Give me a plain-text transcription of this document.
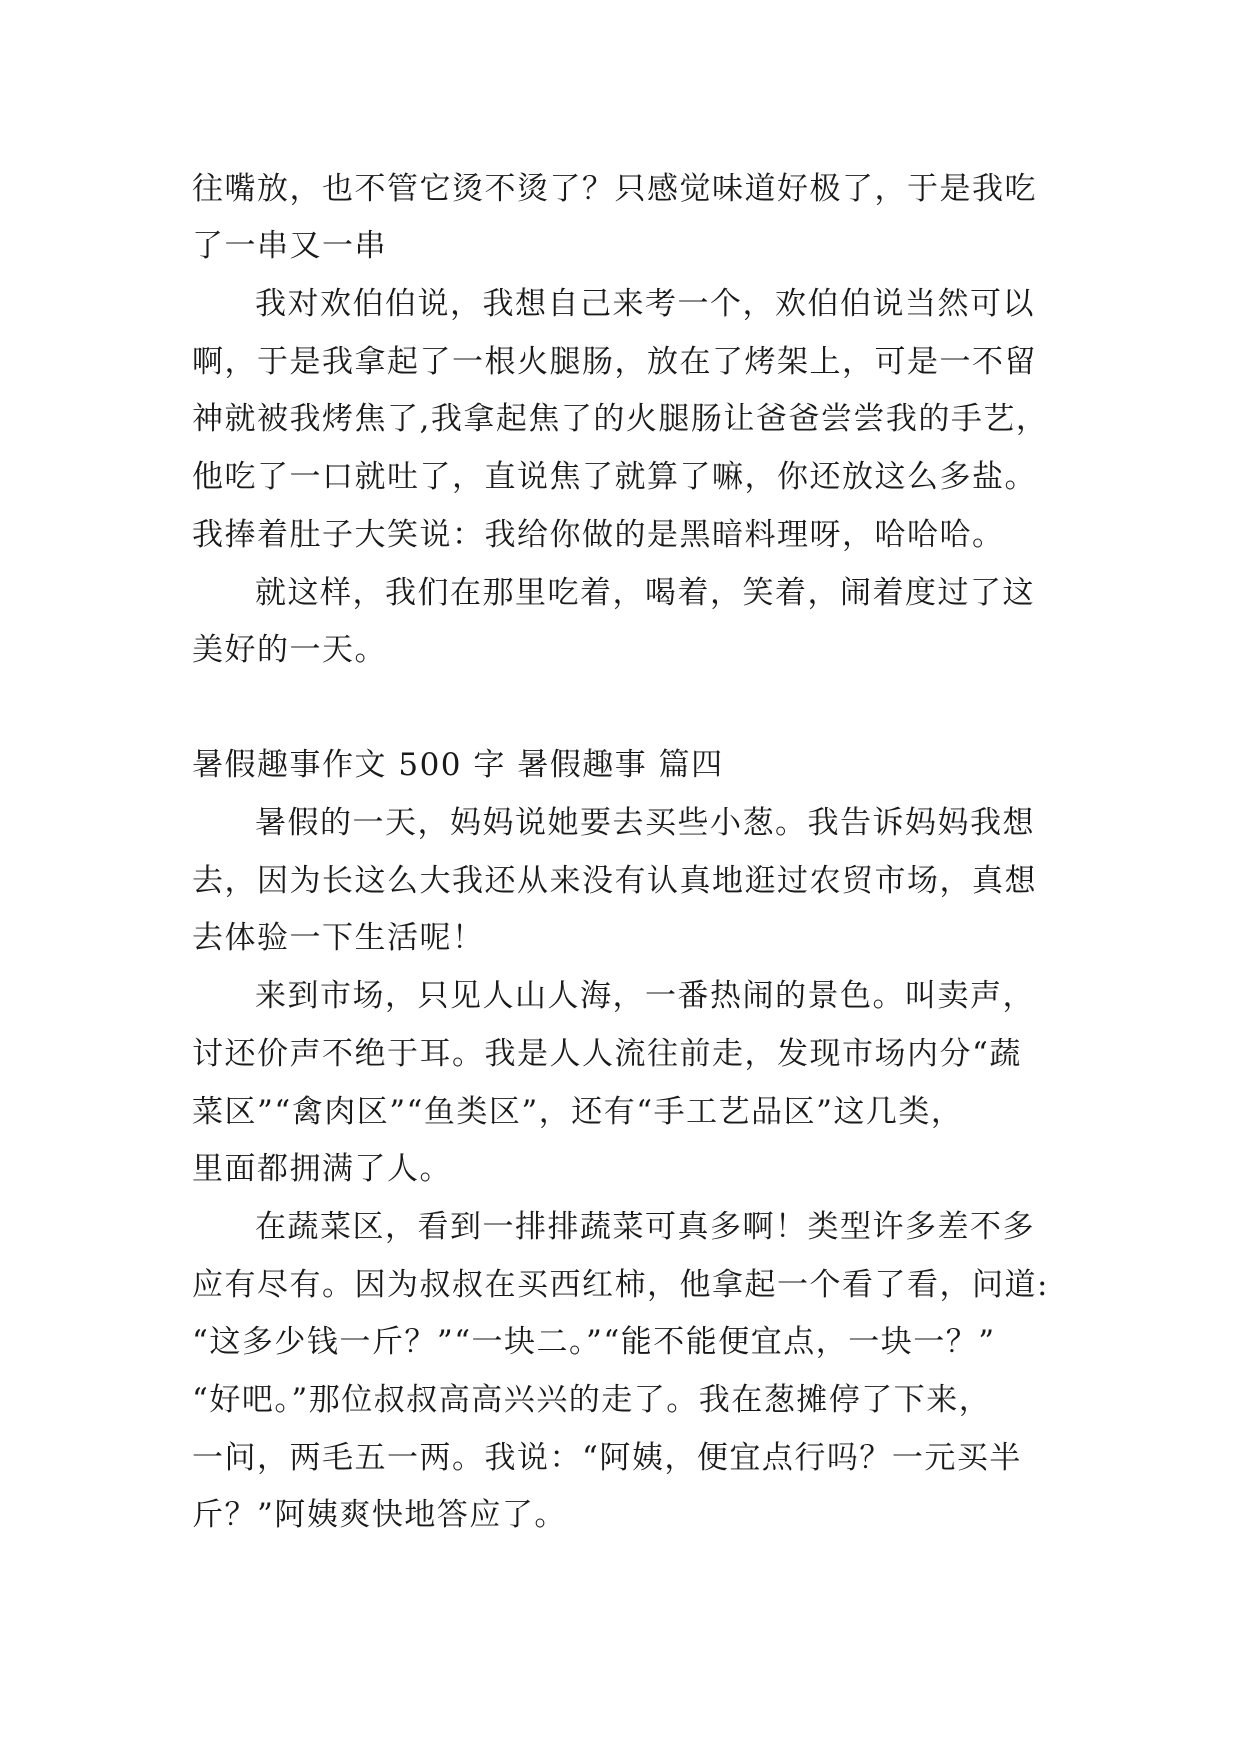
往嘴放，也不管它烫不烫了？只感觉味道好极了，于是我吃
了一串又一串
我对欢伯伯说，我想自己来考一个，欢伯伯说当然可以
啊，于是我拿起了一根火腿肠，放在了烤架上，可是一不留
神就被我烤焦了,我拿起焦了的火腿肠让爸爸尝尝我的手艺，
他吃了一口就吐了，直说焦了就算了嘛，你还放这么多盐。
我捧着肚子大笑说：我给你做的是黑暗料理呀，哈哈哈。
就这样，我们在那里吃着，喝着，笑着，闹着度过了这
美好的一天。
暑假趣事作文 500 字 暑假趣事 篇四
暑假的一天，妈妈说她要去买些小葱。我告诉妈妈我想
去，因为长这么大我还从来没有认真地逛过农贸市场，真想
去体验一下生活呢！
来到市场，只见人山人海，一番热闹的景色。叫卖声，
讨还价声不绝于耳。我是人人流往前走，发现市场内分“蔬
菜区”“禽肉区”“鱼类区”，还有“手工艺品区”这几类，
里面都拥满了人。
在蔬菜区，看到一排排蔬菜可真多啊！类型许多差不多
应有尽有。因为叔叔在买西红柿，他拿起一个看了看，问道:
“这多少钱一斤？”“一块二。”“能不能便宜点，一块一？”
“好吧。”那位叔叔高高兴兴的走了。我在葱摊停了下来，
一问，两毛五一两。我说：“阿姨，便宜点行吗？一元买半
斤？”阿姨爽快地答应了。
